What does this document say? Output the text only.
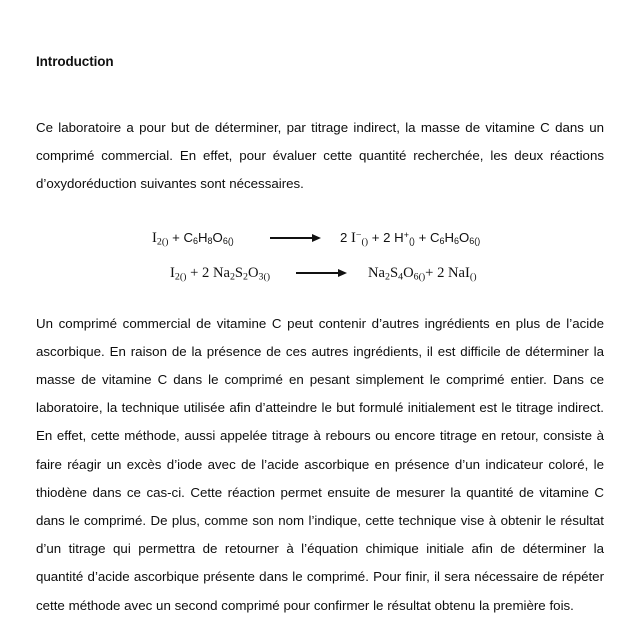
Introduction

Ce laboratoire a pour but de déterminer, par titrage indirect, la masse de vitamine C dans un comprimé commercial. En effet, pour évaluer cette quantité recherchée, les deux réactions d’oxydoréduction suivantes sont nécessaires.

$I_{2()} + C_6H_8O_{6()}$	2 $I^-_{()} + 2$ $H^+_{()} + C_6H_6O_{6()}$
$I_{2()} + 2$ $Na_2S_2O_{3()}$	$Na_2S_4O_{6()}+ 2$ NaI$_{()}$

Un comprimé commercial de vitamine C peut contenir d’autres ingrédients en plus de l’acide ascorbique. En raison de la présence de ces autres ingrédients, il est difficile de déterminer la masse de vitamine C dans le comprimé en pesant simplement le comprimé entier. Dans ce laboratoire, la technique utilisée afin d’atteindre le but formulé initialement est le titrage indirect. En effet, cette méthode, aussi appelée titrage à rebours ou encore titrage en retour, consiste à faire réagir un excès d’iode avec de l’acide ascorbique en présence d’un indicateur coloré, le thiodène dans ce cas-ci. Cette réaction permet ensuite de mesurer la quantité de vitamine C dans le comprimé. De plus, comme son nom l’indique, cette technique vise à obtenir le résultat d’un titrage qui permettra de retourner à l’équation chimique initiale afin de déterminer la quantité d’acide ascorbique présente dans le comprimé. Pour finir, il sera nécessaire de répéter cette méthode avec un second comprimé pour confirmer le résultat obtenu la première fois.
